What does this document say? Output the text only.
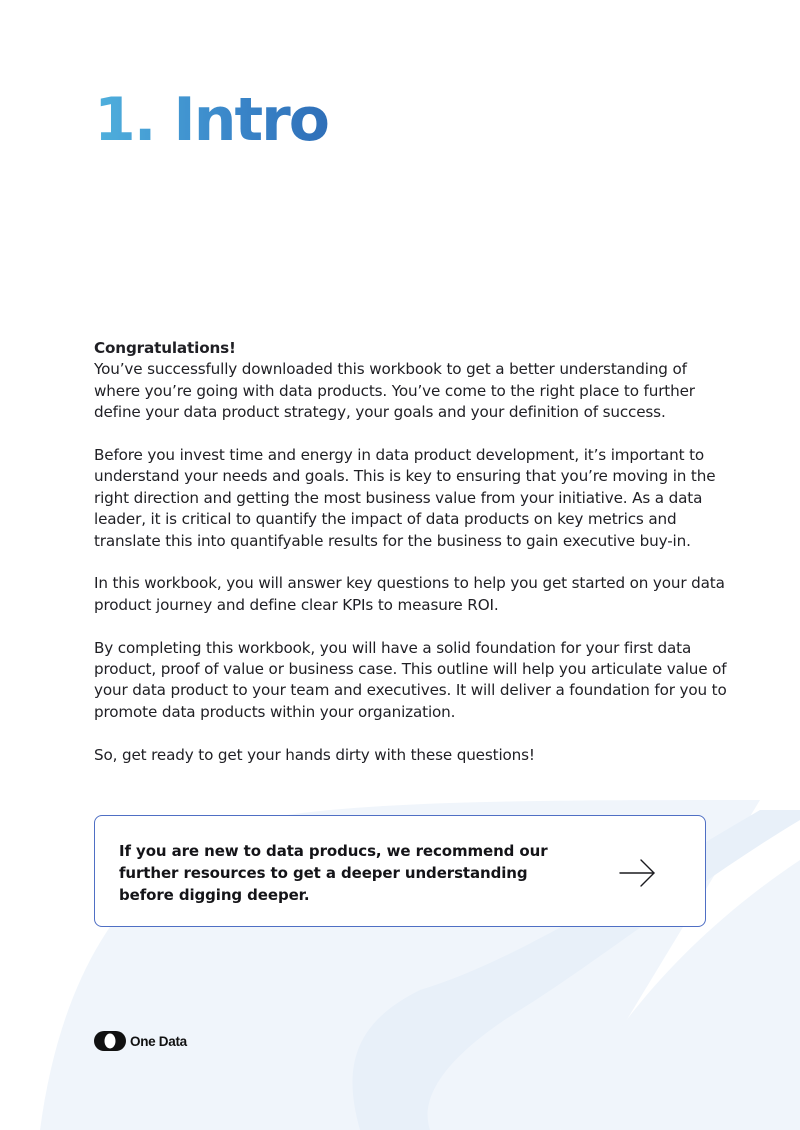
1. Intro

Congratulations!
You’ve successfully downloaded this workbook to get a better understanding of where you’re going with data products. You’ve come to the right place to further define your data product strategy, your goals and your definition of success.

Before you invest time and energy in data product development, it’s important to understand your needs and goals. This is key to ensuring that you’re moving in the right direction and getting the most business value from your initiative. As a data leader, it is critical to quantify the impact of data products on key metrics and translate this into quantifyable results for the business to gain executive buy-in.

In this workbook, you will answer key questions to help you get started on your data product journey and define clear KPIs to measure ROI.

By completing this workbook, you will have a solid foundation for your first data product, proof of value or business case. This outline will help you articulate value of your data product to your team and executives. It will deliver a foundation for you to promote data products within your organization.

So, get ready to get your hands dirty with these questions!

If you are new to data producs, we recommend our further resources to get a deeper understanding before digging deeper.

One Data
